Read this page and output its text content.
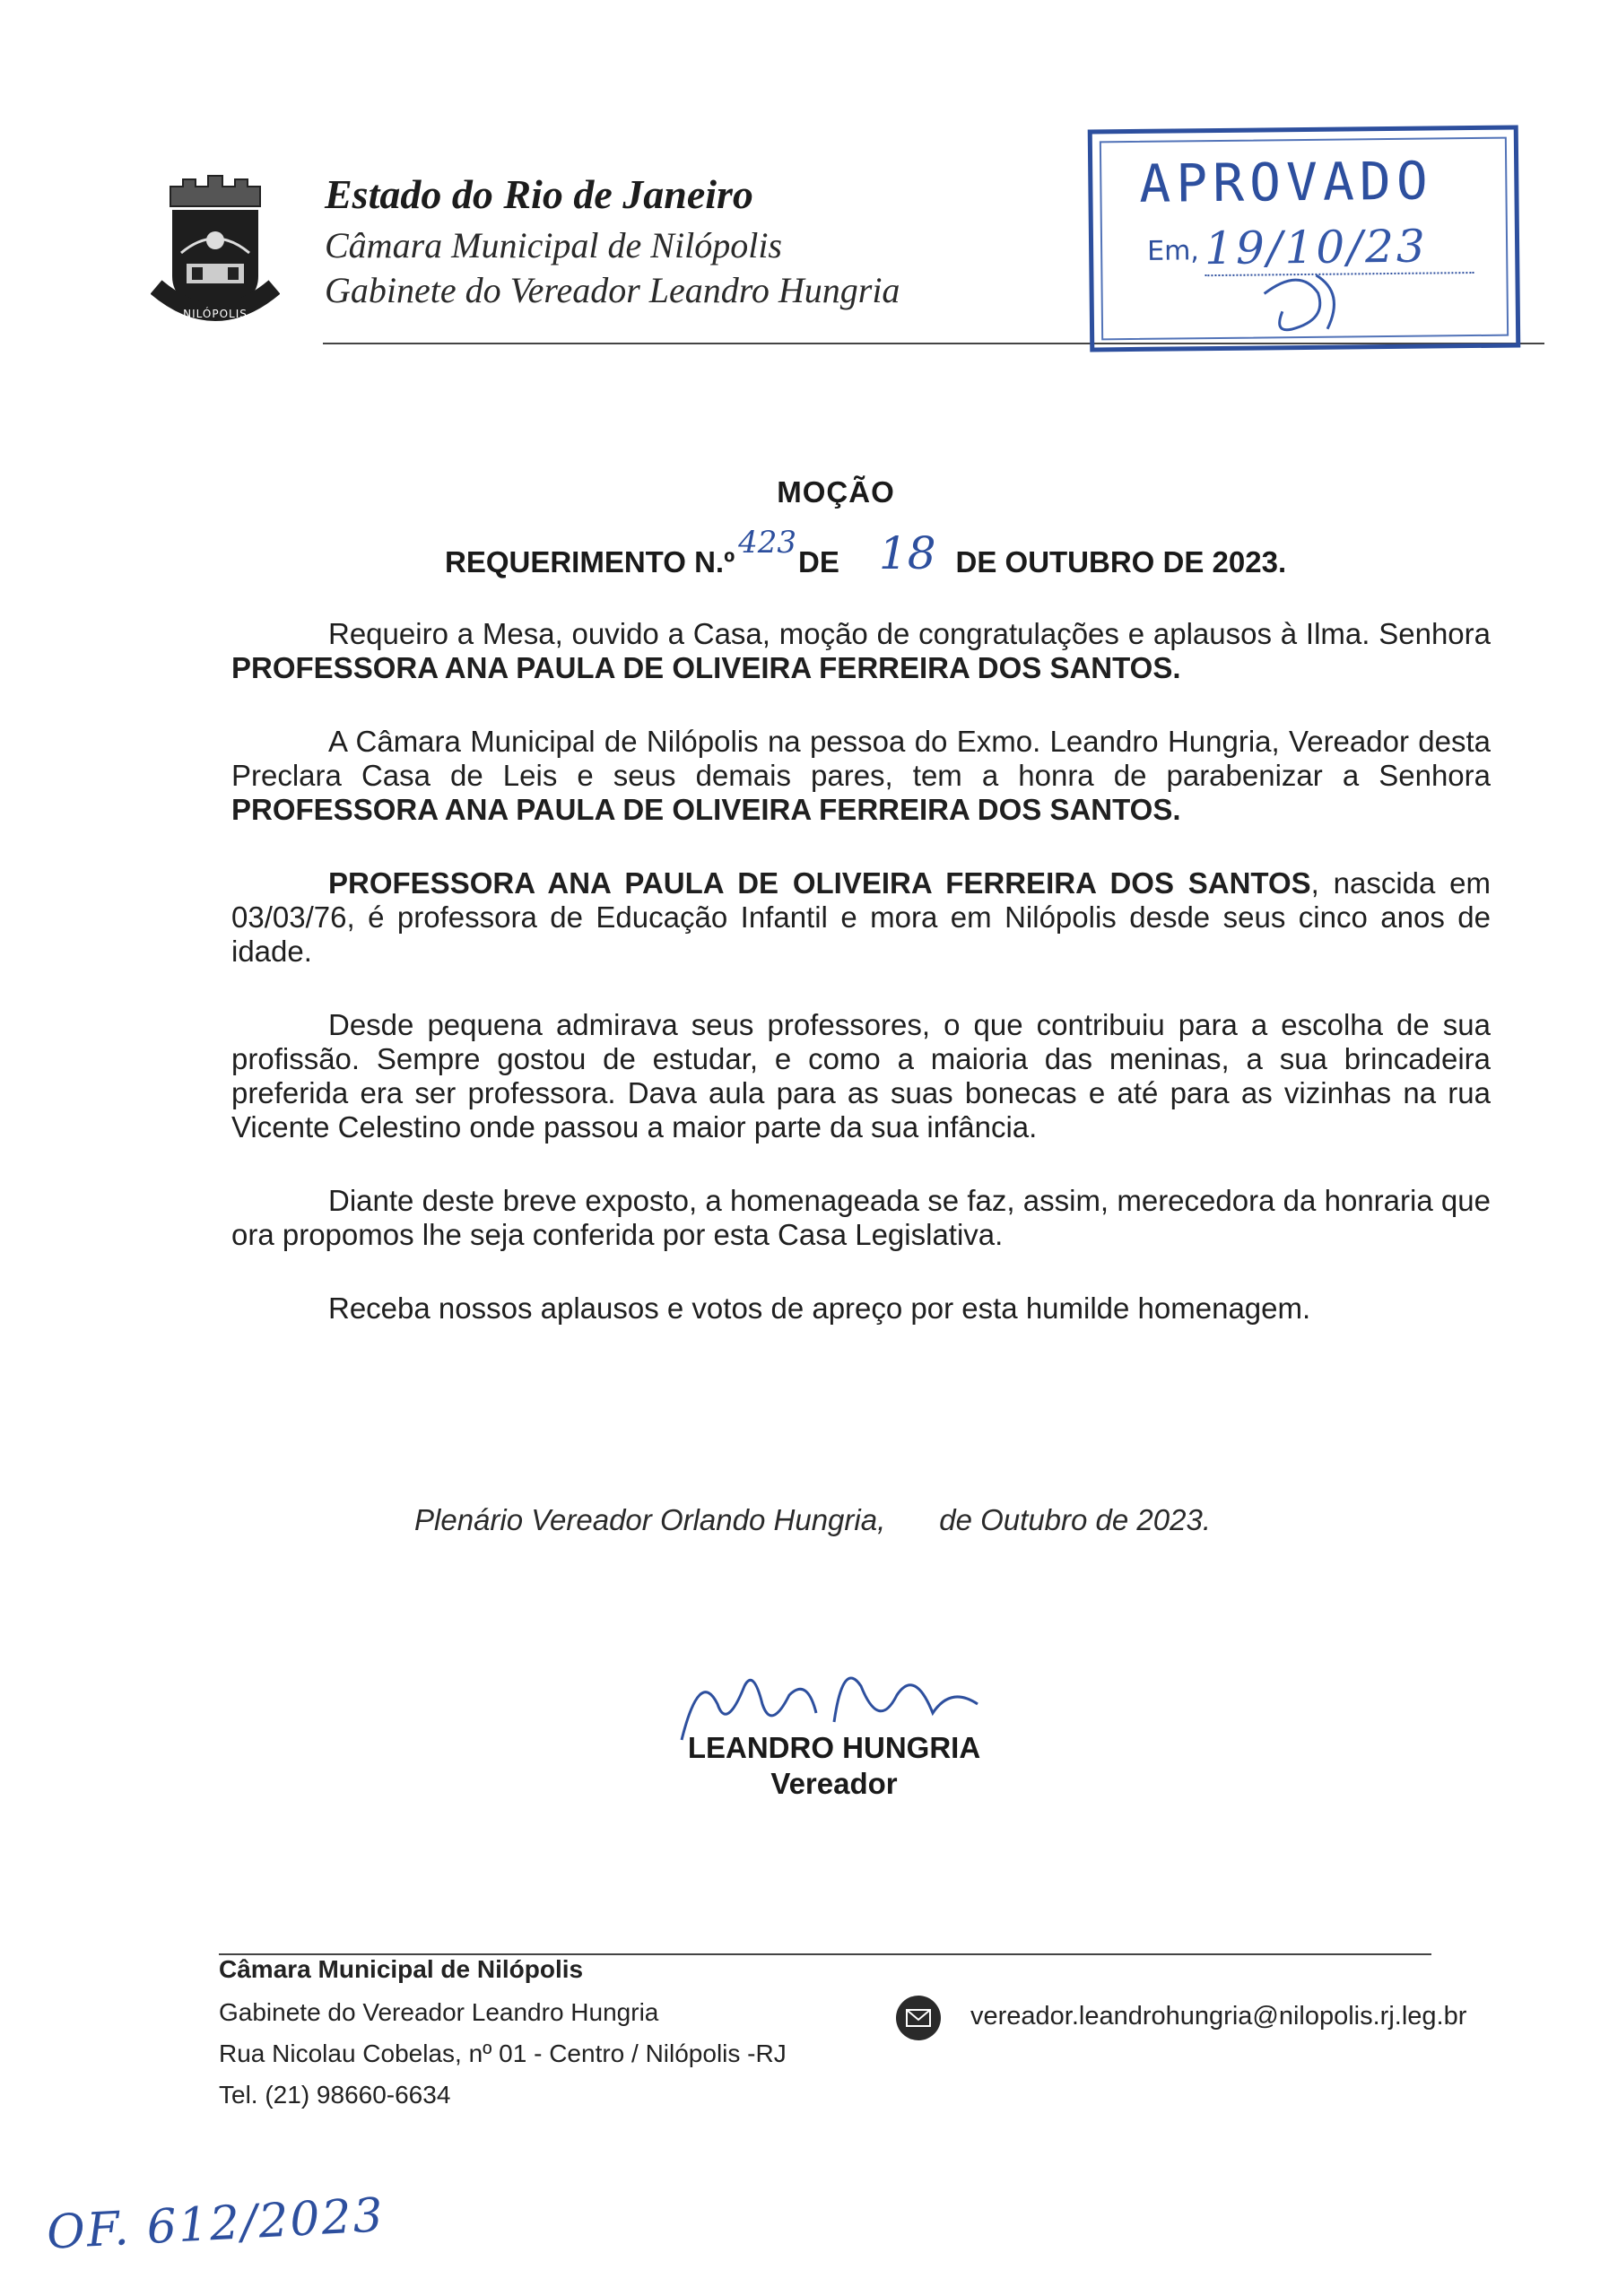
NILÓPOLIS
Estado do Rio de Janeiro
Câmara Municipal de Nilópolis
Gabinete do Vereador Leandro Hungria
APROVADO
Em, 19/10/23
MOÇÃO
REQUERIMENTO N.º423DE 18 DE OUTUBRO DE 2023.

Requeiro a Mesa, ouvido a Casa, moção de congratulações e aplausos à Ilma. Senhora PROFESSORA ANA PAULA DE OLIVEIRA FERREIRA DOS SANTOS.

A Câmara Municipal de Nilópolis na pessoa do Exmo. Leandro Hungria, Vereador desta Preclara Casa de Leis e seus demais pares, tem a honra de parabenizar a Senhora PROFESSORA ANA PAULA DE OLIVEIRA FERREIRA DOS SANTOS.

PROFESSORA ANA PAULA DE OLIVEIRA FERREIRA DOS SANTOS, nascida em 03/03/76, é professora de Educação Infantil e mora em Nilópolis desde seus cinco anos de idade.

Desde pequena admirava seus professores, o que contribuiu para a escolha de sua profissão. Sempre gostou de estudar, e como a maioria das meninas, a sua brincadeira preferida era ser professora. Dava aula para as suas bonecas e até para as vizinhas na rua Vicente Celestino onde passou a maior parte da sua infância.

Diante deste breve exposto, a homenageada se faz, assim, merecedora da honraria que ora propomos lhe seja conferida por esta Casa Legislativa.

Receba nossos aplausos e votos de apreço por esta humilde homenagem.

Plenário Vereador Orlando Hungria, de Outubro de 2023.
LEANDRO HUNGRIA
Vereador
Câmara Municipal de Nilópolis
Gabinete do Vereador Leandro Hungria
Rua Nicolau Cobelas, nº 01 - Centro / Nilópolis -RJ
Tel. (21) 98660-6634
vereador.leandrohungria@nilopolis.rj.leg.br
OF. 612/2023
